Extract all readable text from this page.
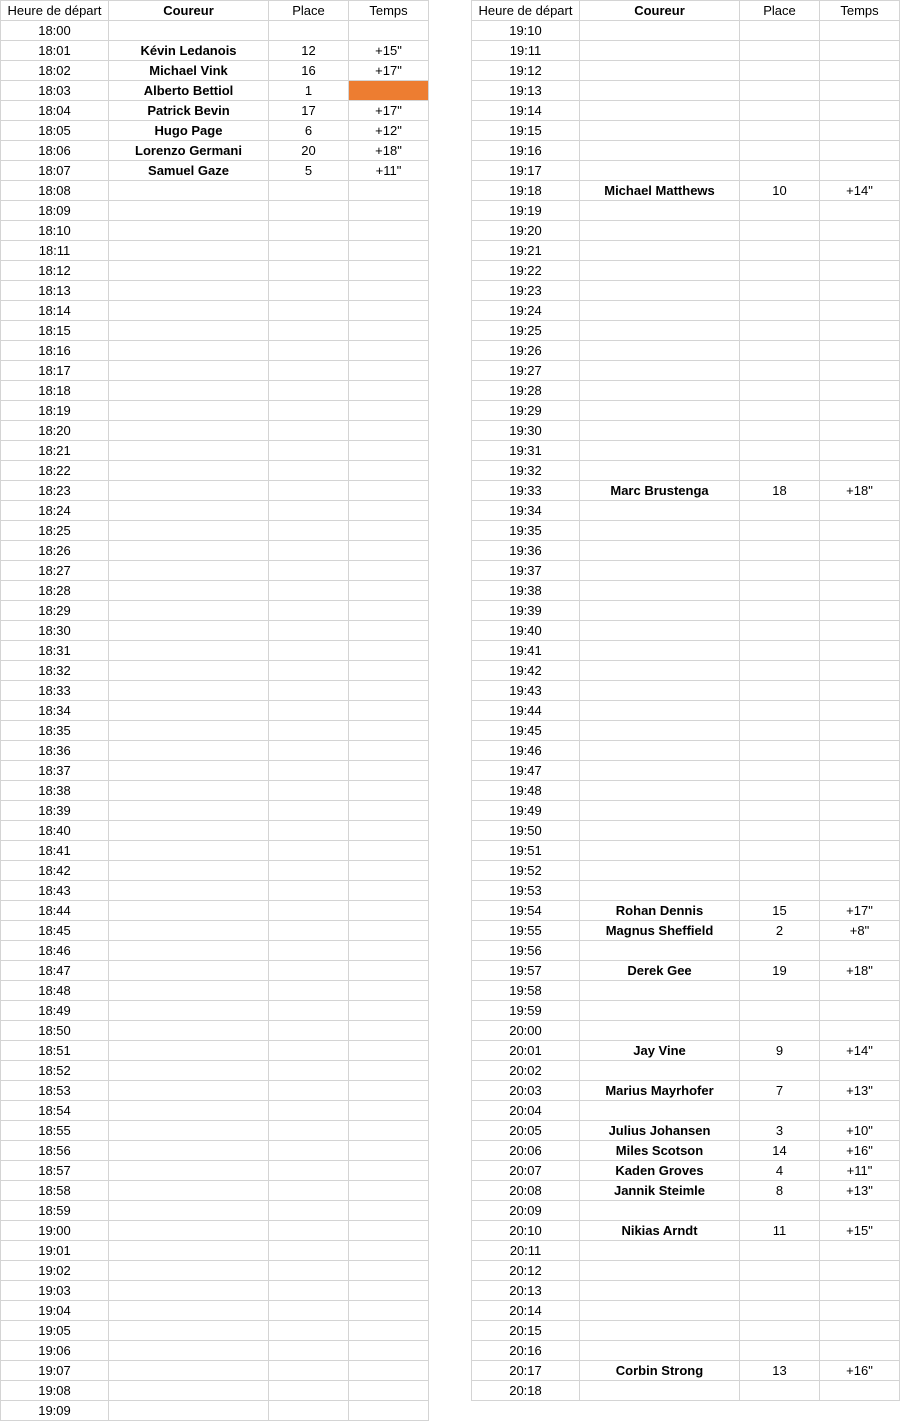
Heure de départ	Coureur	Place	Temps
18:00			
18:01	Kévin Ledanois	12	+15"
18:02	Michael Vink	16	+17"
18:03	Alberto Bettiol	1	
18:04	Patrick Bevin	17	+17"
18:05	Hugo Page	6	+12"
18:06	Lorenzo Germani	20	+18"
18:07	Samuel Gaze	5	+11"
18:08			
18:09			
18:10			
18:11			
18:12			
18:13			
18:14			
18:15			
18:16			
18:17			
18:18			
18:19			
18:20			
18:21			
18:22			
18:23			
18:24			
18:25			
18:26			
18:27			
18:28			
18:29			
18:30			
18:31			
18:32			
18:33			
18:34			
18:35			
18:36			
18:37			
18:38			
18:39			
18:40			
18:41			
18:42			
18:43			
18:44			
18:45			
18:46			
18:47			
18:48			
18:49			
18:50			
18:51			
18:52			
18:53			
18:54			
18:55			
18:56			
18:57			
18:58			
18:59			
19:00			
19:01			
19:02			
19:03			
19:04			
19:05			
19:06			
19:07			
19:08			
19:09			
Heure de départ	Coureur	Place	Temps
19:10			
19:11			
19:12			
19:13			
19:14			
19:15			
19:16			
19:17			
19:18	Michael Matthews	10	+14"
19:19			
19:20			
19:21			
19:22			
19:23			
19:24			
19:25			
19:26			
19:27			
19:28			
19:29			
19:30			
19:31			
19:32			
19:33	Marc Brustenga	18	+18"
19:34			
19:35			
19:36			
19:37			
19:38			
19:39			
19:40			
19:41			
19:42			
19:43			
19:44			
19:45			
19:46			
19:47			
19:48			
19:49			
19:50			
19:51			
19:52			
19:53			
19:54	Rohan Dennis	15	+17"
19:55	Magnus Sheffield	2	+8"
19:56			
19:57	Derek Gee	19	+18"
19:58			
19:59			
20:00			
20:01	Jay Vine	9	+14"
20:02			
20:03	Marius Mayrhofer	7	+13"
20:04			
20:05	Julius Johansen	3	+10"
20:06	Miles Scotson	14	+16"
20:07	Kaden Groves	4	+11"
20:08	Jannik Steimle	8	+13"
20:09			
20:10	Nikias Arndt	11	+15"
20:11			
20:12			
20:13			
20:14			
20:15			
20:16			
20:17	Corbin Strong	13	+16"
20:18			
